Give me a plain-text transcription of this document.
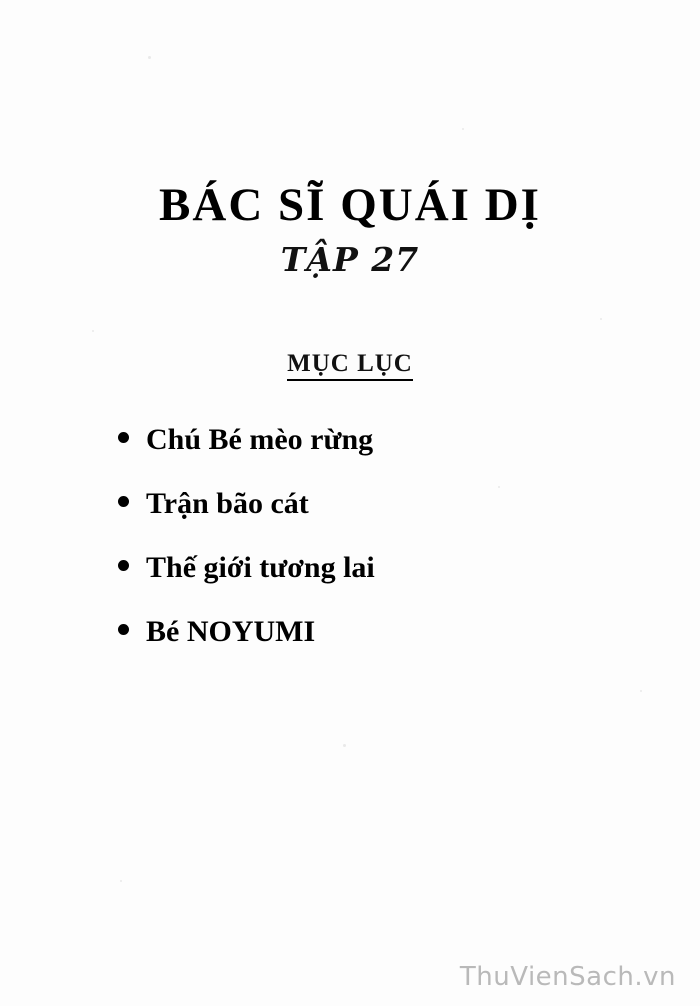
BÁC SĨ QUÁI DỊ
TẬP 27
MỤC LỤC
Chú Bé mèo rừng
Trận bão cát
Thế giới tương lai
Bé NOYUMI
ThuVienSach.vn
